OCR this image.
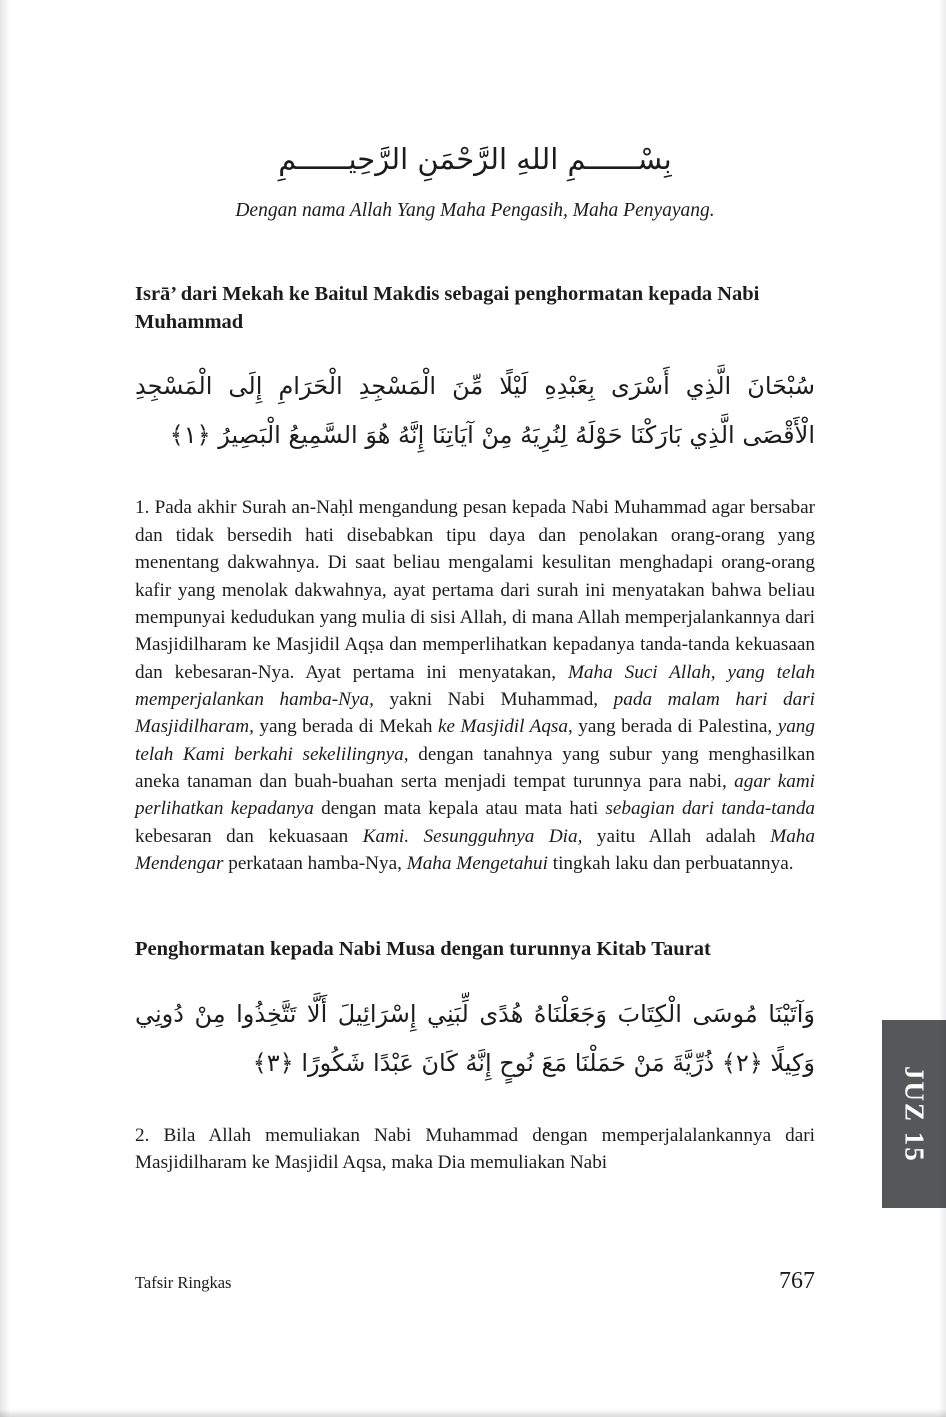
بِسْــــــمِ اللهِ الرَّحْمَنِ الرَّحِيــــــمِ
Dengan nama Allah Yang Maha Pengasih, Maha Penyayang.
Isrā’ dari Mekah ke Baitul Makdis sebagai penghormatan kepada Nabi Muhammad
سُبْحَانَ الَّذِي أَسْرَى بِعَبْدِهِ لَيْلًا مِّنَ الْمَسْجِدِ الْحَرَامِ إِلَى الْمَسْجِدِ الْأَقْصَى الَّذِي بَارَكْنَا حَوْلَهُ لِنُرِيَهُ مِنْ آيَاتِنَا إِنَّهُ هُوَ السَّمِيعُ الْبَصِيرُ ﴿١﴾

1. Pada akhir Surah an-Naḥl mengandung pesan kepada Nabi Muhammad agar bersabar dan tidak bersedih hati disebabkan tipu daya dan penolakan orang-orang yang menentang dakwahnya. Di saat beliau mengalami kesulitan menghadapi orang-orang kafir yang menolak dakwahnya, ayat pertama dari surah ini menyatakan bahwa beliau mempunyai kedudukan yang mulia di sisi Allah, di mana Allah memperjalankannya dari Masjidilharam ke Masjidil Aqṣa dan memperlihatkan kepadanya tanda-tanda kekuasaan dan kebesaran-Nya. Ayat pertama ini menyatakan, Maha Suci Allah, yang telah memperjalankan hamba-Nya, yakni Nabi Muhammad, pada malam hari dari Masjidilharam, yang berada di Mekah ke Masjidil Aqsa, yang berada di Palestina, yang telah Kami berkahi sekelilingnya, dengan tanahnya yang subur yang menghasilkan aneka tanaman dan buah-buahan serta menjadi tempat turunnya para nabi, agar kami perlihatkan kepadanya dengan mata kepala atau mata hati sebagian dari tanda-tanda kebesaran dan kekuasaan Kami. Sesungguhnya Dia, yaitu Allah adalah Maha Mendengar perkataan hamba-Nya, Maha Mengetahui tingkah laku dan perbuatannya.

Penghormatan kepada Nabi Musa dengan turunnya Kitab Taurat
وَآتَيْنَا مُوسَى الْكِتَابَ وَجَعَلْنَاهُ هُدًى لِّبَنِي إِسْرَائِيلَ أَلَّا تَتَّخِذُوا مِنْ دُونِي وَكِيلًا ﴿٢﴾ ذُرِّيَّةَ مَنْ حَمَلْنَا مَعَ نُوحٍ إِنَّهُ كَانَ عَبْدًا شَكُورًا ﴿٣﴾

2. Bila Allah memuliakan Nabi Muhammad dengan memperjalalankannya dari Masjidilharam ke Masjidil Aqsa, maka Dia memuliakan Nabi

JUZ 15
Tafsir Ringkas	767
